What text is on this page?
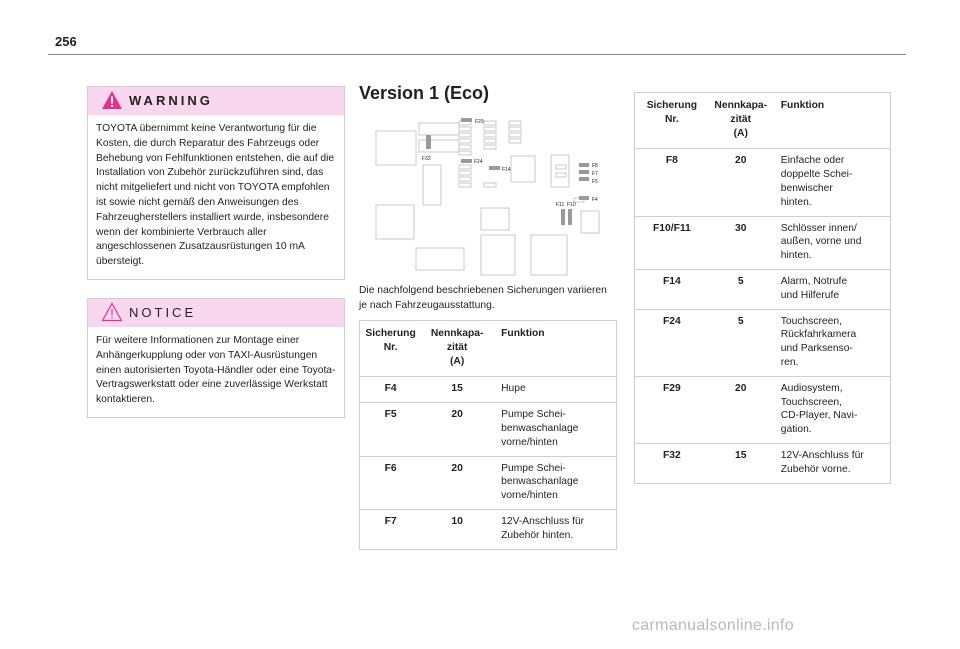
256
WARNING
TOYOTA übernimmt keine Verantwortung für die Kosten, die durch Reparatur des Fahrzeugs oder Behebung von Fehlfunktionen entstehen, die auf die Installation von Zubehör zurückzuführen sind, das nicht mitgeliefert und nicht von TOYOTA empfohlen ist sowie nicht gemäß den Anweisungen des Fahrzeugherstellers installiert wurde, insbesondere wenn der kombinierte Verbrauch aller angeschlossenen Zusatzausrüstungen 10 mA übersteigt.
NOTICE
Für weitere Informationen zur Montage einer Anhängerkupplung oder von TAXI-Ausrüstungen einen autorisierten Toyota-Händler oder eine Toyota-Vertragswerkstatt oder eine zuverlässige Werkstatt kontaktieren.
Version 1 (Eco)
F29
F32	F24
F14
F8
F7
F5
F11 F10
F4
Die nachfolgend beschriebenen Sicherungen variieren je nach Fahrzeugausstattung.
Sicherung
Nr.	Nennkapa-
zität
(A)	Funktion
F4	15	Hupe
F5	20	Pumpe Schei-
benwaschanlage
vorne/hinten
F6	20	Pumpe Schei-
benwaschanlage
vorne/hinten
F7	10	12V-Anschluss für
Zubehör hinten.
Sicherung
Nr.	Nennkapa-
zität
(A)	Funktion
F8	20	Einfache oder
doppelte Schei-
benwischer
hinten.
F10/F11	30	Schlösser innen/
außen, vorne und
hinten.
F14	5	Alarm, Notrufe
und Hilferufe
F24	5	Touchscreen,
Rückfahrkamera
und Parksenso-
ren.
F29	20	Audiosystem,
Touchscreen,
CD-Player, Navi-
gation.
F32	15	12V-Anschluss für
Zubehör vorne.
carmanualsonline.info
